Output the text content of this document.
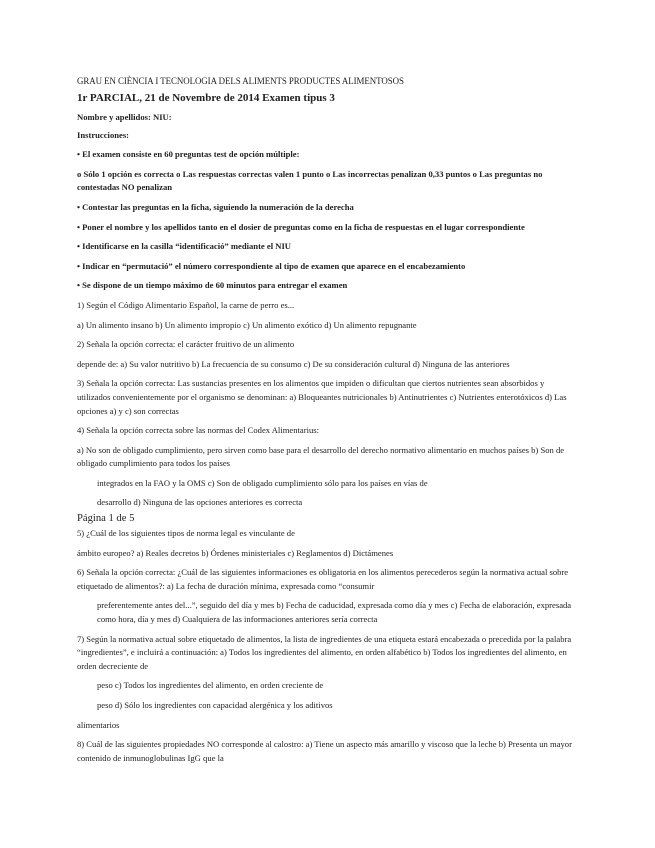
GRAU EN CIÈNCIA I TECNOLOGIA DELS ALIMENTS PRODUCTES ALIMENTOSOS

1r PARCIAL, 21 de Novembre de 2014 Examen tipus 3

Nombre y apellidos: NIU:

Instrucciones:

• El examen consiste en 60 preguntas test de opción múltiple:

o Sólo 1 opción es correcta o Las respuestas correctas valen 1 punto o Las incorrectas penalizan 0,33 puntos o Las preguntas no contestadas NO penalizan

• Contestar las preguntas en la ficha, siguiendo la numeración de la derecha

• Poner el nombre y los apellidos tanto en el dosier de preguntas como en la ficha de respuestas en el lugar correspondiente

• Identificarse en la casilla “identificació” mediante el NIU

• Indicar en “permutació” el número correspondiente al tipo de examen que aparece en el encabezamiento

• Se dispone de un tiempo máximo de 60 minutos para entregar el examen

1) Según el Código Alimentario Español, la carne de perro es...

a) Un alimento insano b) Un alimento impropio c) Un alimento exótico d) Un alimento repugnante

2) Señala la opción correcta: el carácter fruitivo de un alimento

depende de: a) Su valor nutritivo b) La frecuencia de su consumo c) De su consideración cultural d) Ninguna de las anteriores

3) Señala la opción correcta: Las sustancias presentes en los alimentos que impiden o dificultan que ciertos nutrientes sean absorbidos y utilizados convenientemente por el organismo se denominan: a) Bloqueantes nutricionales b) Antinutrientes c) Nutrientes enterotóxicos d) Las opciones a) y c) son correctas

4) Señala la opción correcta sobre las normas del Codex Alimentarius:

a) No son de obligado cumplimiento, pero sirven como base para el desarrollo del derecho normativo alimentario en muchos países b) Son de obligado cumplimiento para todos los países

integrados en la FAO y la OMS c) Son de obligado cumplimiento sólo para los países en vías de

desarrollo d) Ninguna de las opciones anteriores es correcta

Página 1 de 5

5) ¿Cuál de los siguientes tipos de norma legal es vinculante de

ámbito europeo? a) Reales decretos b) Órdenes ministeriales c) Reglamentos d) Dictámenes

6) Señala la opción correcta: ¿Cuál de las siguientes informaciones es obligatoria en los alimentos perecederos según la normativa actual sobre etiquetado de alimentos?: a) La fecha de duración mínima, expresada como “consumir

preferentemente antes del...”, seguido del día y mes b) Fecha de caducidad, expresada como día y mes c) Fecha de elaboración, expresada como hora, día y mes d) Cualquiera de las informaciones anteriores sería correcta

7) Según la normativa actual sobre etiquetado de alimentos, la lista de ingredientes de una etiqueta estará encabezada o precedida por la palabra “ingredientes”, e incluirá a continuación: a) Todos los ingredientes del alimento, en orden alfabético b) Todos los ingredientes del alimento, en orden decreciente de

peso c) Todos los ingredientes del alimento, en orden creciente de

peso d) Sólo los ingredientes con capacidad alergénica y los aditivos

alimentarios

8) Cuál de las siguientes propiedades NO corresponde al calostro: a) Tiene un aspecto más amarillo y viscoso que la leche b) Presenta un mayor contenido de inmunoglobulinas IgG que la
